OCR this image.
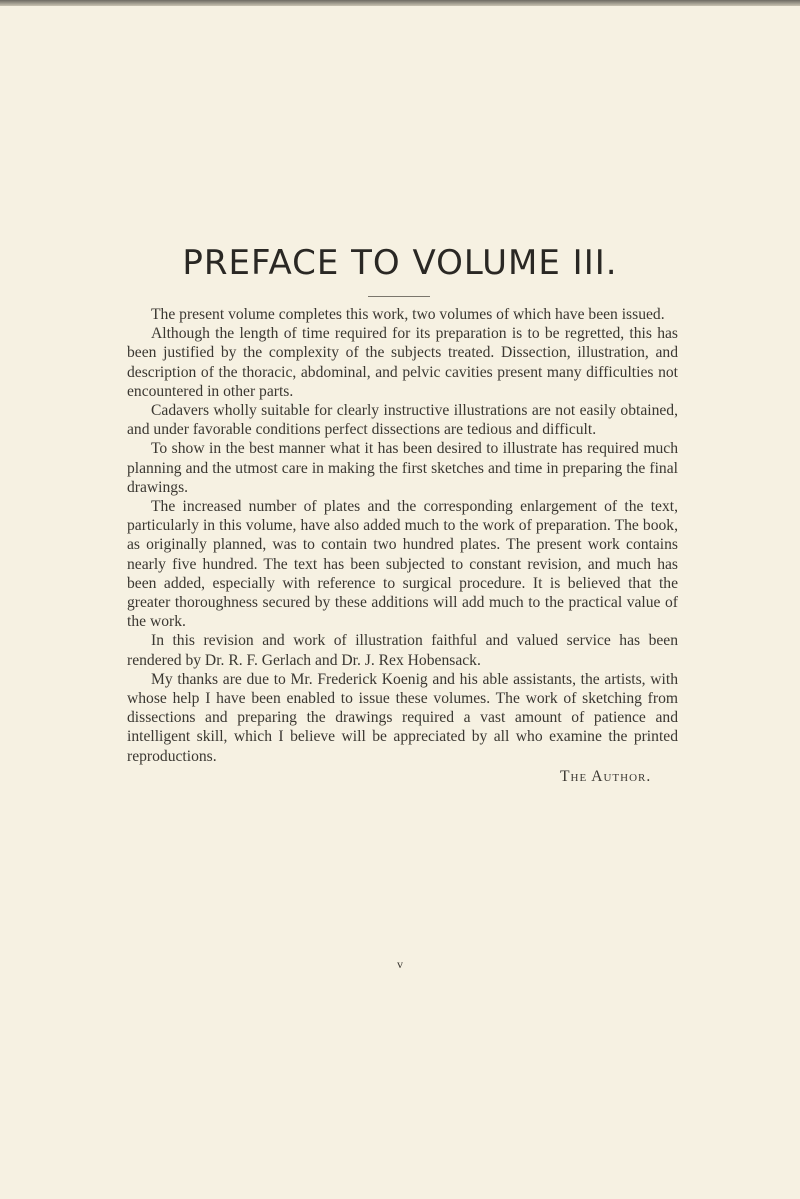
PREFACE TO VOLUME III.

The present volume completes this work, two volumes of which have been issued.

Although the length of time required for its preparation is to be regretted, this has been justified by the complexity of the subjects treated. Dissection, illustration, and description of the thoracic, abdominal, and pelvic cavities present many difficulties not encountered in other parts.

Cadavers wholly suitable for clearly instructive illustrations are not easily obtained, and under favorable conditions perfect dissections are tedious and difficult.

To show in the best manner what it has been desired to illustrate has required much planning and the utmost care in making the first sketches and time in preparing the final drawings.

The increased number of plates and the corresponding enlargement of the text, particularly in this volume, have also added much to the work of preparation. The book, as originally planned, was to contain two hundred plates. The present work contains nearly five hundred. The text has been subjected to constant revision, and much has been added, especially with reference to surgical procedure. It is believed that the greater thoroughness secured by these additions will add much to the practical value of the work.

In this revision and work of illustration faithful and valued service has been rendered by Dr. R. F. Gerlach and Dr. J. Rex Hobensack.

My thanks are due to Mr. Frederick Koenig and his able assistants, the artists, with whose help I have been enabled to issue these volumes. The work of sketching from dissections and preparing the drawings required a vast amount of patience and intelligent skill, which I believe will be appreciated by all who examine the printed reproductions.

The Author.
v
